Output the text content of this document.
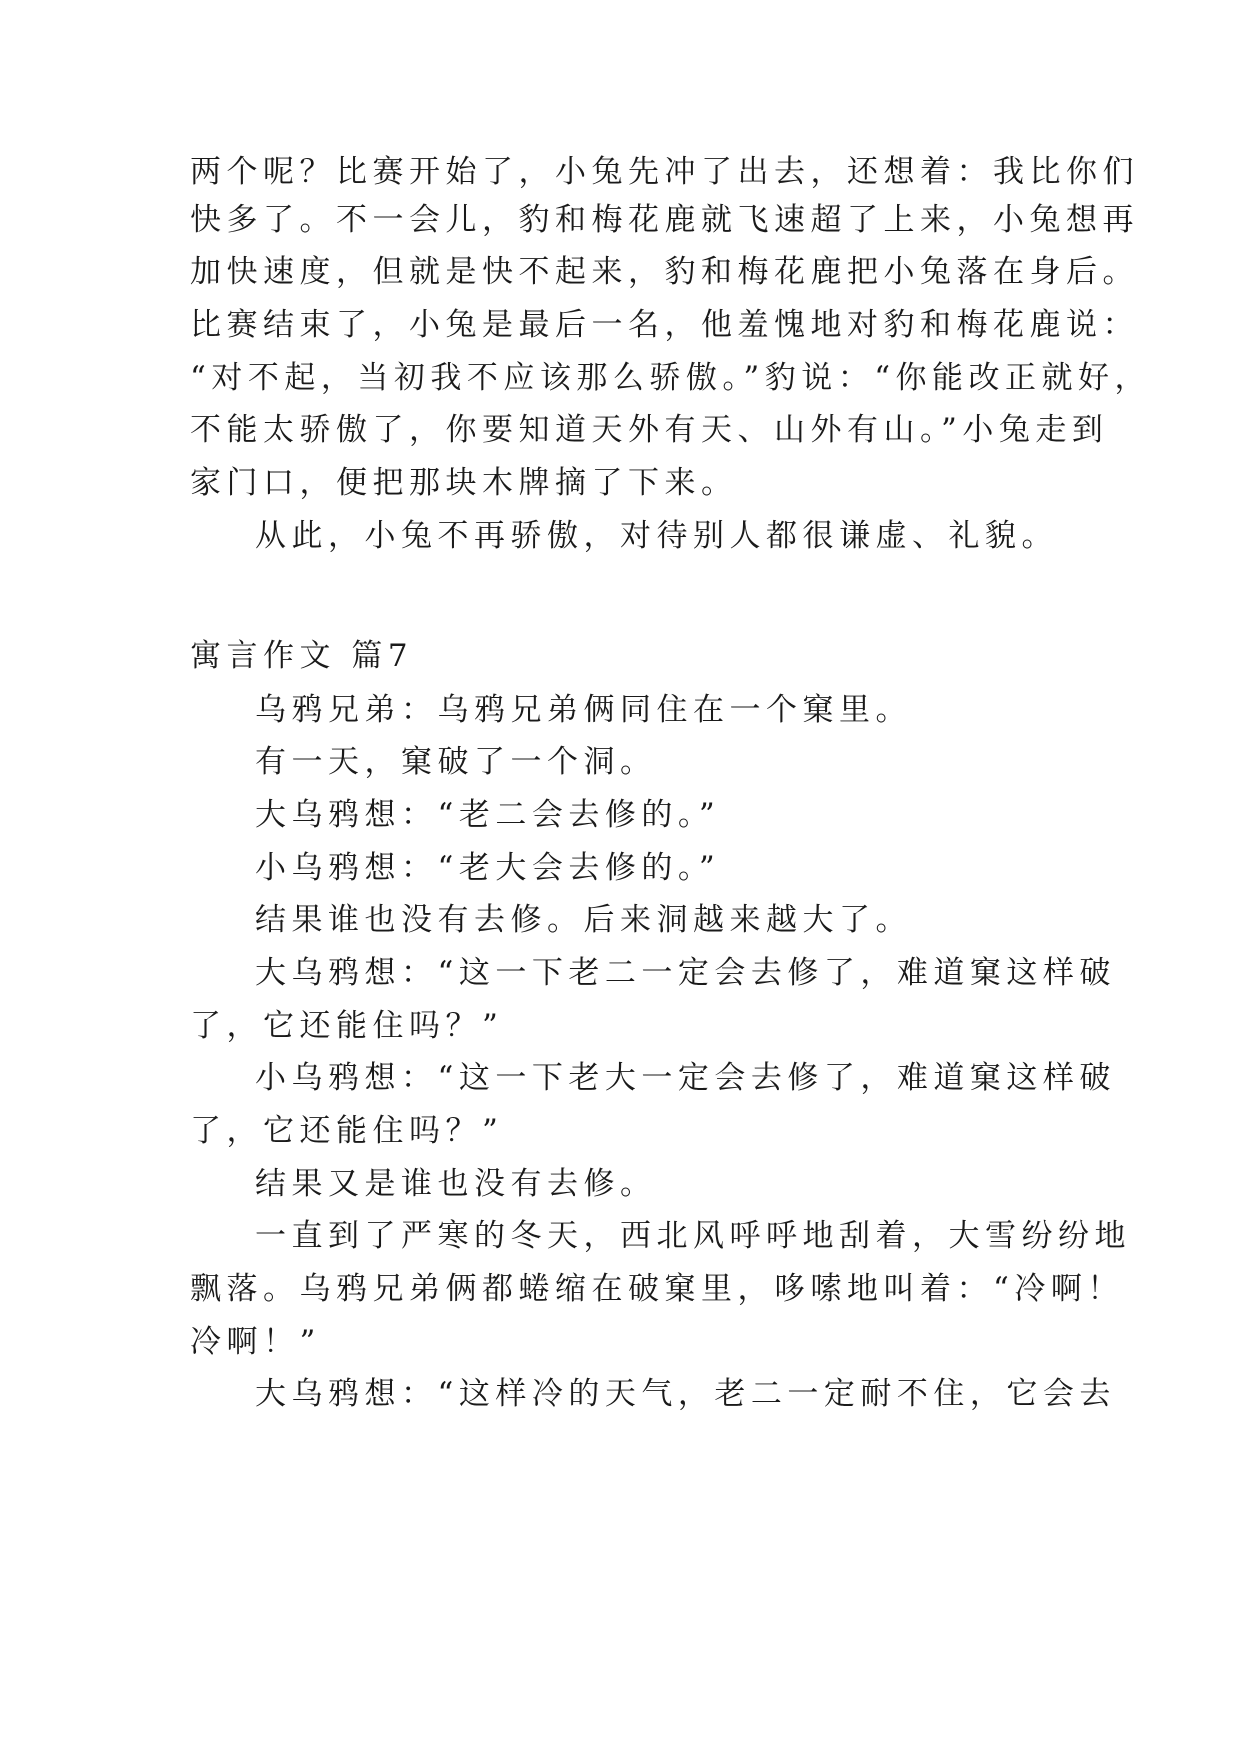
两个呢？比赛开始了，小兔先冲了出去，还想着：我比你们
快多了。不一会儿，豹和梅花鹿就飞速超了上来，小兔想再
加快速度，但就是快不起来，豹和梅花鹿把小兔落在身后。
比赛结束了，小兔是最后一名，他羞愧地对豹和梅花鹿说：
“对不起，当初我不应该那么骄傲。”豹说：“你能改正就好，
不能太骄傲了，你要知道天外有天、山外有山。”小兔走到
家门口，便把那块木牌摘了下来。
从此，小兔不再骄傲，对待别人都很谦虚、礼貌。
寓言作文 篇7
乌鸦兄弟：乌鸦兄弟俩同住在一个窠里。
有一天，窠破了一个洞。
大乌鸦想：“老二会去修的。”
小乌鸦想：“老大会去修的。”
结果谁也没有去修。后来洞越来越大了。
大乌鸦想：“这一下老二一定会去修了，难道窠这样破
了，它还能住吗？”
小乌鸦想：“这一下老大一定会去修了，难道窠这样破
了，它还能住吗？”
结果又是谁也没有去修。
一直到了严寒的冬天，西北风呼呼地刮着，大雪纷纷地
飘落。乌鸦兄弟俩都蜷缩在破窠里，哆嗦地叫着：“冷啊！
冷啊！”
大乌鸦想：“这样冷的天气，老二一定耐不住，它会去
